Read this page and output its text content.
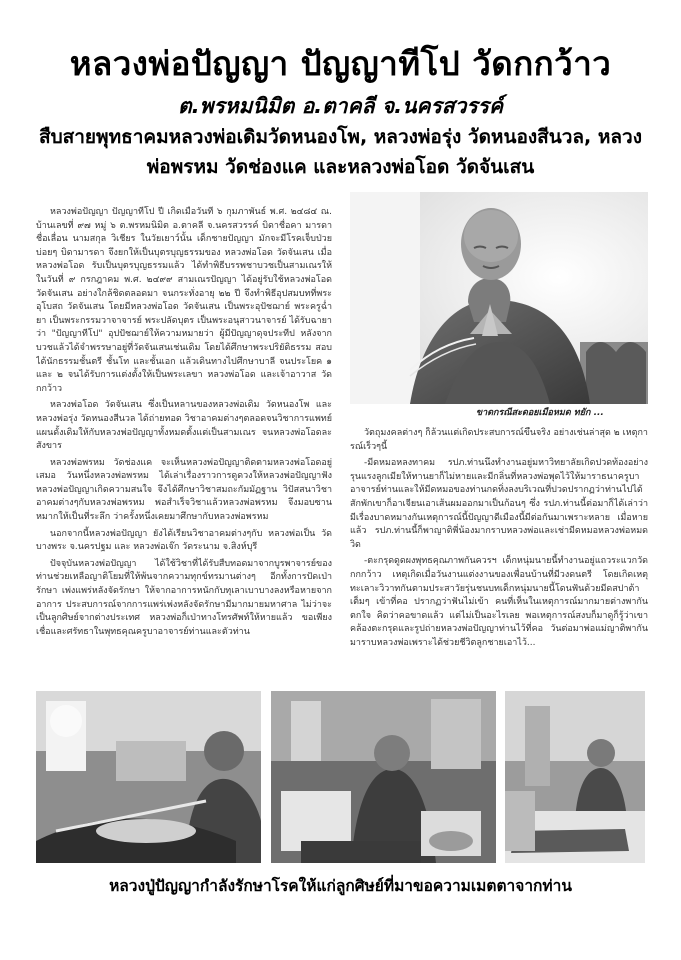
หลวงพ่อปัญญา ปัญญาทีโป วัดกกว้าว
ต.พรหมนิมิต อ.ตาคลี จ.นครสวรรค์
สืบสายพุทธาคมหลวงพ่อเดิมวัดหนองโพ, หลวงพ่อรุ่ง วัดหนองสีนวล, หลวงพ่อพรหม วัดช่องแค และหลวงพ่อโอด วัดจันเสน

หลวงพ่อปัญญา ปัญญาทีโป ปี เกิดเมื่อวันที่ ๖ กุมภาพันธ์ พ.ศ. ๒๔๘๔ ณ. บ้านเลขที่ ๙๗ หมู่ ๖ ต.พรหมนิมิต อ.ตาคลี จ.นครสวรรค์ บิดาชื่อคา มารดาชื่อเลื่อน นามสกุล วิเชียร ในวัยเยาว์นั้น เด็กชายปัญญา มักจะมีโรคเจ็บป่วยบ่อยๆ บิดามารดา จึงยกให้เป็นบุตรบุญธรรมของ หลวงพ่อโอด วัดจันเสน เมื่อหลวงพ่อโอด รับเป็นบุตรบุญธรรมแล้ว ได้ทำพิธีบรรพชาบวชเป็นสามเณรให้ ในวันที่ ๙ กรกฎาคม พ.ศ. ๒๔๙๙ สามเณรปัญญา ได้อยู่รับใช้หลวงพ่อโอด วัดจันเสน อย่างใกล้ชิดตลอดมา จนกระทั่งอายุ ๒๒ ปี จึงทำพิธีอุปสมบทที่พระอุโบสถ วัดจันเสน โดยมีหลวงพ่อโอด วัดจันเสน เป็นพระอุปัชฌาย์ พระครูฉ่ำยา เป็นพระกรรมวาจาจารย์ พระปลัดบุตร เป็นพระอนุสาวนาจารย์ ได้รับฉายาว่า "ปัญญาทีโป" อุปปัชฌาย์ให้ความหมายว่า ผู้มีปัญญาดุจประทีป หลังจากบวชแล้วได้จำพรรษาอยู่ที่วัดจันเสนเช่นเดิม โดยได้ศึกษาพระปริยัติธรรม สอบได้นักธรรมชั้นตรี ชั้นโท และชั้นเอก แล้วเดินทางไปศึกษาบาลี จนประโยค ๑ และ ๒ จนได้รับการแต่งตั้งให้เป็นพระเลขา หลวงพ่อโอด และเจ้าอาวาส วัดกกว้าว

หลวงพ่อโอด วัดจันเสน ซึ่งเป็นหลานของหลวงพ่อเดิม วัดหนองโพ และหลวงพ่อรุ่ง วัดหนองสีนวล ได้ถ่ายทอด วิชาอาคมต่างๆตลอดจนวิชาการแพทย์แผนดั้งเดิมให้กับหลวงพ่อปัญญาทั้งหมดตั้งแต่เป็นสามเณร จนหลวงพ่อโอดละสังขาร

หลวงพ่อพรหม วัดช่องแค จะเห็นหลวงพ่อปัญญาติดตามหลวงพ่อโอดอยู่เสมอ วันหนึ่งหลวงพ่อพรหม ได้เล่าเรื่องราวการดูดวงให้หลวงพ่อปัญญาฟัง หลวงพ่อปัญญาเกิดความสนใจ จึงได้ศึกษาวิชาสมถะกัมมัฏฐาน วิปัสสนาวิชาอาคมต่างๆกับหลวงพ่อพรหม พอสำเร็จวิชาแล้วหลวงพ่อพรหม จึงมอบซานหมากให้เป็นที่ระลึก ว่าครั้งหนึ่งเคยมาศึกษากับหลวงพ่อพรหม

นอกจากนี้หลวงพ่อปัญญา ยังได้เรียนวิชาอาคมต่างๆกับ หลวงพ่อเป็น วัดบางพระ จ.นครปฐม และ หลวงพ่อเจ๊ก วัดระนาม จ.สิงห์บุรี

ปัจจุบันหลวงพ่อปัญญา ได้ใช้วิชาที่ได้รับสืบทอดมาจากบูรพาจารย์ของท่านช่วยเหลือญาติโยมที่ให้พ้นจากความทุกข์ทรมานต่างๆ อีกทั้งการปัดเป่ารักษา เพ่งแพร่หลังจัดรักษา ให้จากอาการหนักกับทุเลาเบาบางลงหรือหายจากอาการ ประสบการณ์จากการแพร่เพ่งหลังจัดรักษามีมากมายมหาศาล ไม่ว่าจะเป็นลูกศิษย์จากต่างประเทศ หลวงพ่อก็เป่าทางโทรศัพท์ให้หายแล้ว ขอเพียงเชื่อและศรัทธาในพุทธคุณครูบาอาจารย์ท่านและตัวท่าน

ขาดกรณีสะดอยเมือหมด ทยัก ...

วัตถุมงคลต่างๆ ก็ล้วนแต่เกิดประสบการณ์ขึ้นจริง อย่างเช่นล่าสุด ๒ เหตุการณ์เร็วๆนี้

-มีดหมอหลงทาคม รปภ.ท่านนึงทำงานอยู่มหาวิทยาลัยเกิดปวดท้องอย่างรุนแรงลูกเมียให้ทานยาก็ไม่หายและมีกลิ่นที่หลวงพ่อพุดไว้ให้มาราธนาครูบาอาจารย์ท่านและให้มีดหมอของท่านกดทิ่งลงบริเวณที่ปวดปรากฏว่าท่านไปได้สักพักเขาก็อาเจียนเอาเส้นผมออกมาเป็นก้อนๆ ซึ่ง รปภ.ท่านนี้ต่อมาก็ได้เล่าว่ามีเรื่องบาดหมางกันเหตุการณ์นี้ปัญญาดีเมืองนี้มีต่อกันมาเพราะหลาย เมื่อหายแล้ว รปภ.ท่านนี้ก็พาญาติพี่น้องมากราบหลวงพ่อและเช่ามีดหมอหลวงพ่อหมดวิด

-ตะกรุดดูดผงพุทธคุณภาพกันควรฯ เด็กหนุ่มนายนี้ทำงานอยู่แถวระแวกวัดกกกว้าว เหตุเกิดเมื่อวันงานแต่งงานของเพื่อนบ้านที่มีวงดนตรี โดยเกิดเหตุทะเลาะวิวาทกันตามประสาวัยรุ่นชนบทเด็กหนุ่มนายนี้โดนฟันด้วยมีดสปาต้าเต็มๆ เข้าที่คอ ปรากฏว่าฟันไม่เข้า คนที่เห็นในเหตุการณ์มากมายต่างพากันตกใจ คิดว่าคอขาดแล้ว แต่ไม่เป็นอะไรเลย พอเหตุการณ์สงบก็มาดูก็รู้ว่าเขาคล้องตะกรุดและรูปถ่ายหลวงพ่อปัญญาท่านไว้ที่คอ วันต่อมาพ่อแม่ญาติพากันมาราบหลวงพ่อเพราะได้ช่วยชีวิตลูกชายเอาไว้...

หลวงปู่ปัญญากำลังรักษาโรคให้แก่ลูกศิษย์ที่มาขอความเมตตาจากท่าน
